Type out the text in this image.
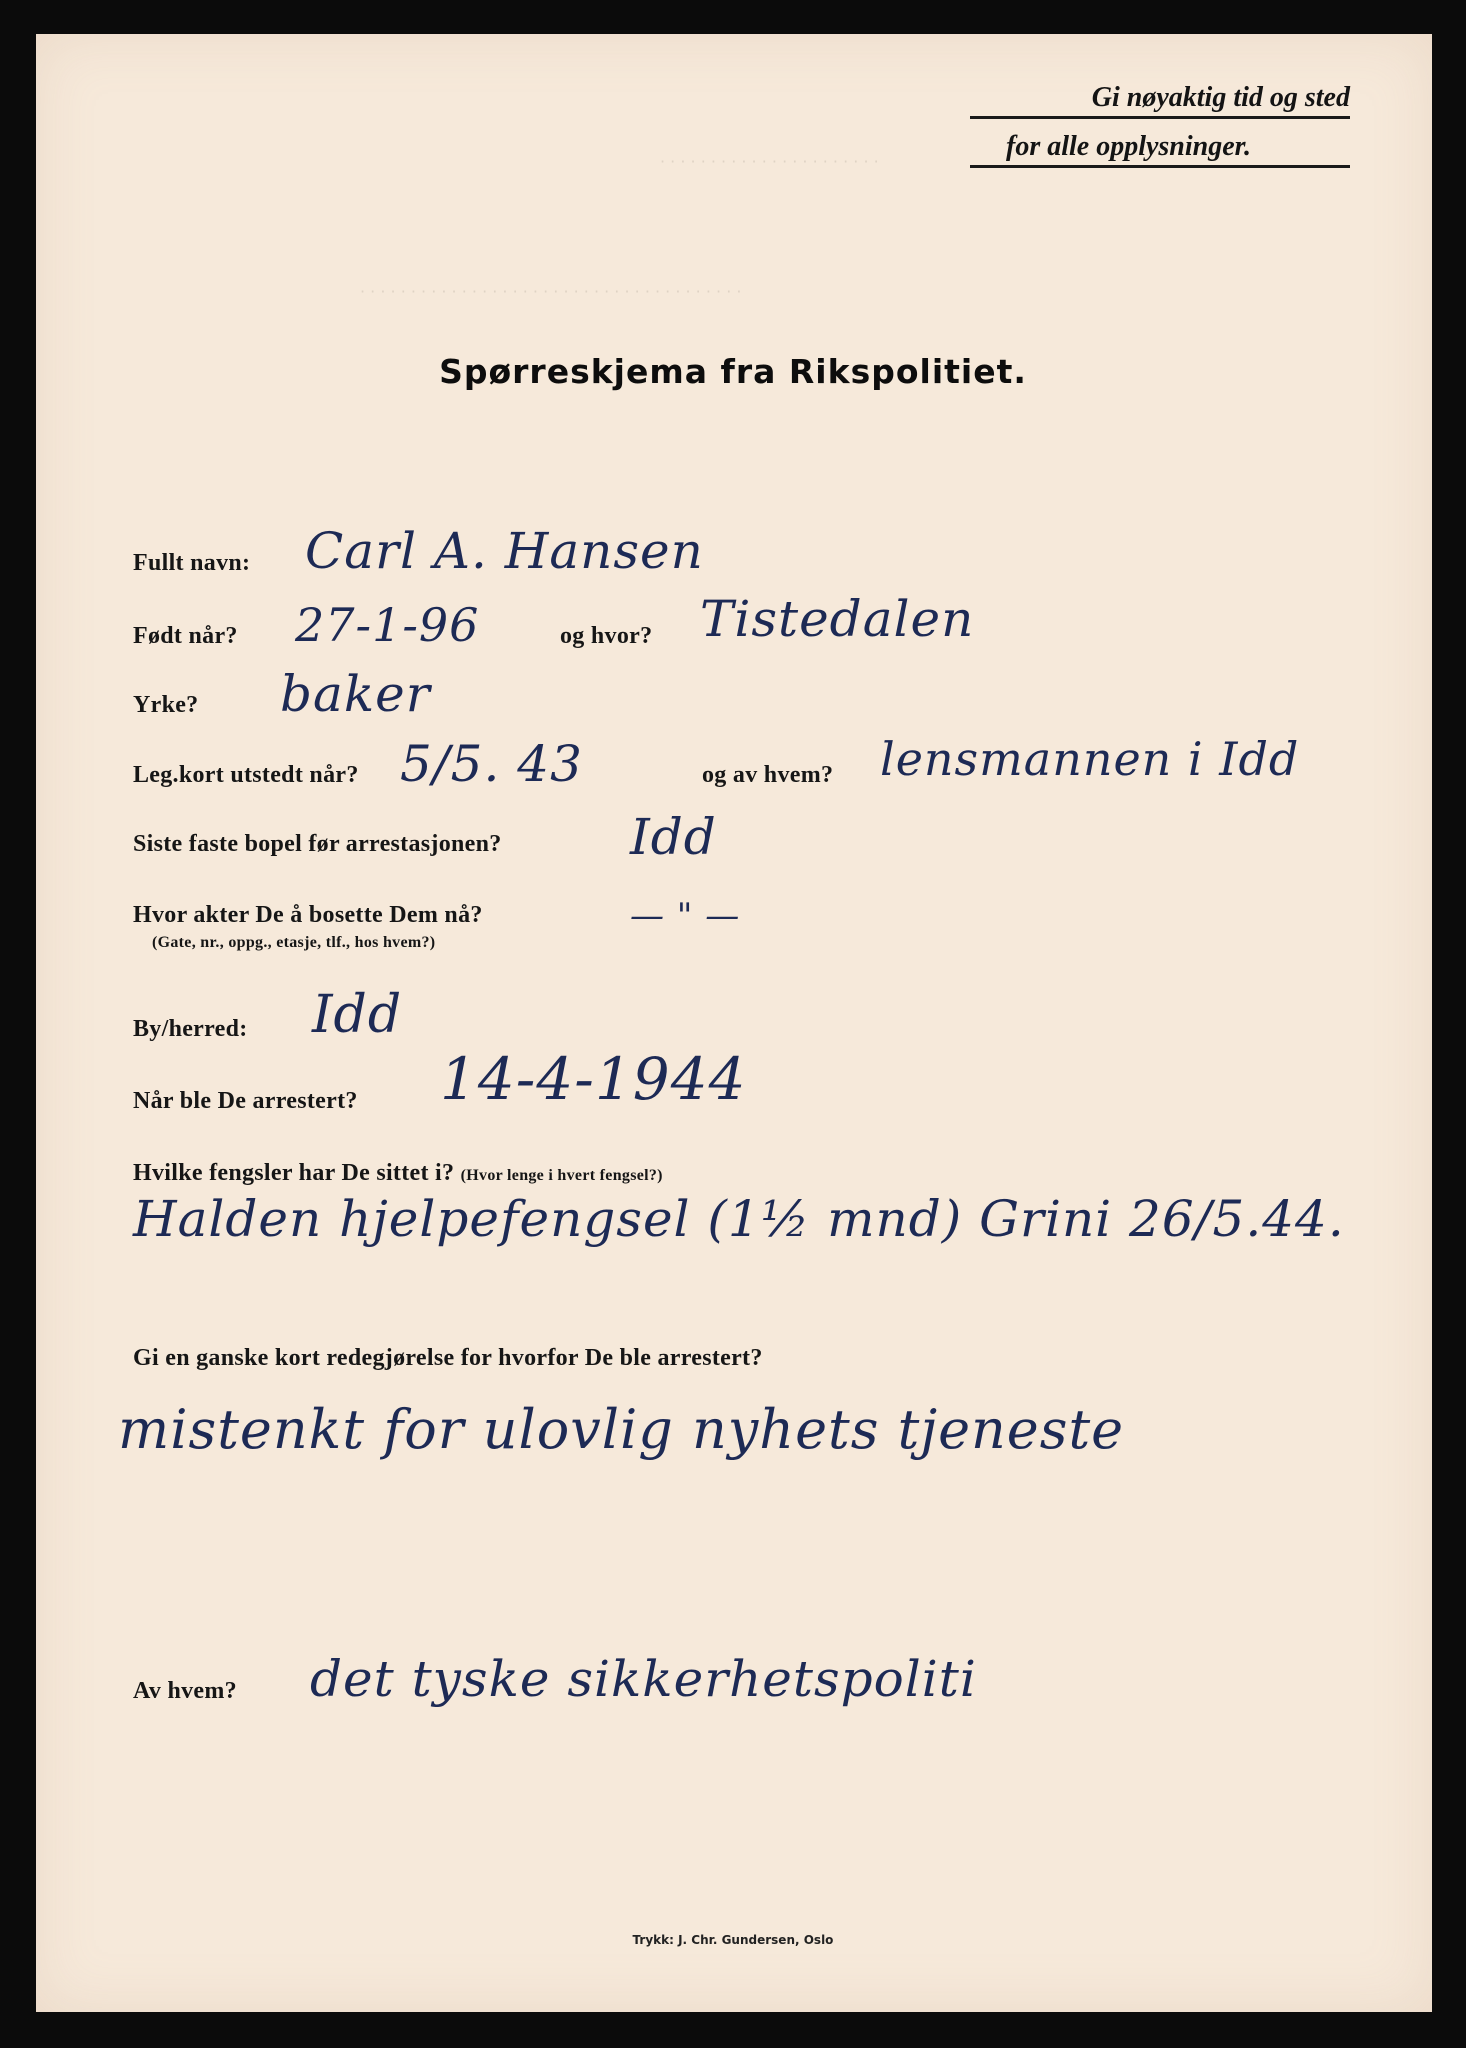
Gi nøyaktig tid og sted
for alle opplysninger.
· · · · · · · · · · · · · · · · · · · · · ·
· · · · · · · · · · · · · · · · · · · · · · · · · · · · · · · · · · · · · ·
Spørreskjema fra Rikspolitiet.
Fullt navn: Carl A. Hansen
Født når? 27-1-96	og hvor? Tistedalen
Yrke? baker
Leg.kort utstedt når? 5/5. 43	og av hvem? lensmannen i Idd
Siste faste bopel før arrestasjonen?	Idd
Hvor akter De å bosette Dem nå?
(Gate, nr., oppg., etasje, tlf., hos hvem?)
— " —
By/herred: Idd
Når ble De arrestert? 14-4-1944
Hvilke fengsler har De sittet i? (Hvor lenge i hvert fengsel?)
Halden hjelpefengsel (1½ mnd) Grini 26/5.44.
Gi en ganske kort redegjørelse for hvorfor De ble arrestert?
mistenkt for ulovlig nyhets tjeneste
Av hvem? det tyske sikkerhetspoliti
Trykk: J. Chr. Gundersen, Oslo
